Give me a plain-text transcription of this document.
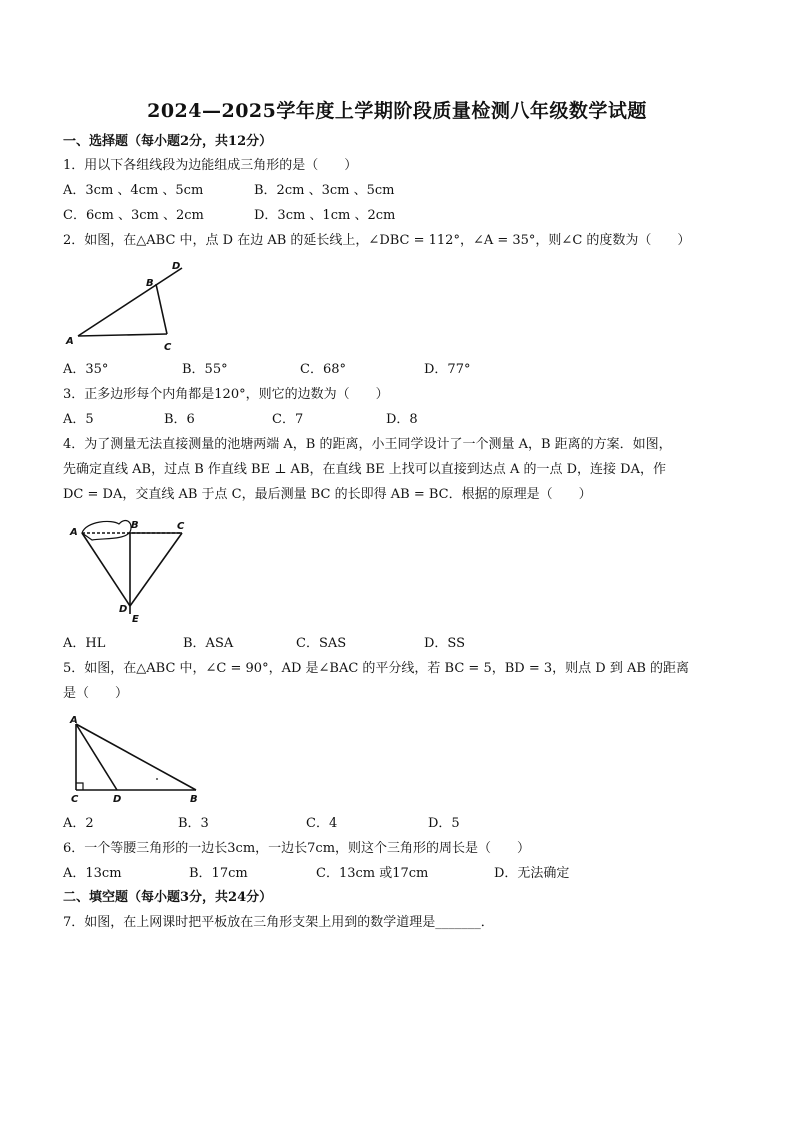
2024—2025学年度上学期阶段质量检测八年级数学试题
一、选择题（每小题2分，共12分）
1．用以下各组线段为边能组成三角形的是（　　）
A．3cm 、4cm 、5cm	B．2cm 、3cm 、5cm
C．6cm 、3cm 、2cm	D．3cm 、1cm 、2cm
2．如图，在△ABC 中，点 D 在边 AB 的延长线上，∠DBC = 112°，∠A = 35°，则∠C 的度数为（　　）
D
B
A
C
A．35°	B．55°	C．68°	D．77°
3．正多边形每个内角都是120°，则它的边数为（　　）
A．5	B．6	C．7	D．8
4．为了测量无法直接测量的池塘两端 A，B 的距离，小王同学设计了一个测量 A，B 距离的方案．如图，
先确定直线 AB，过点 B 作直线 BE ⊥ AB，在直线 BE 上找可以直接到达点 A 的一点 D，连接 DA，作
DC = DA，交直线 AB 于点 C，最后测量 BC 的长即得 AB = BC．根据的原理是（　　）
A
B	C
D
E
A．HL	B．ASA	C．SAS	D．SS
5．如图，在△ABC 中，∠C = 90°，AD 是∠BAC 的平分线，若 BC = 5，BD = 3，则点 D 到 AB 的距离
是（　　）
A
C	D	B
A．2	B．3	C．4	D．5
6．一个等腰三角形的一边长3cm，一边长7cm，则这个三角形的周长是（　　）
A．13cm	B．17cm	C．13cm 或17cm	D．无法确定
二、填空题（每小题3分，共24分）
7．如图，在上网课时把平板放在三角形支架上用到的数学道理是_______．
